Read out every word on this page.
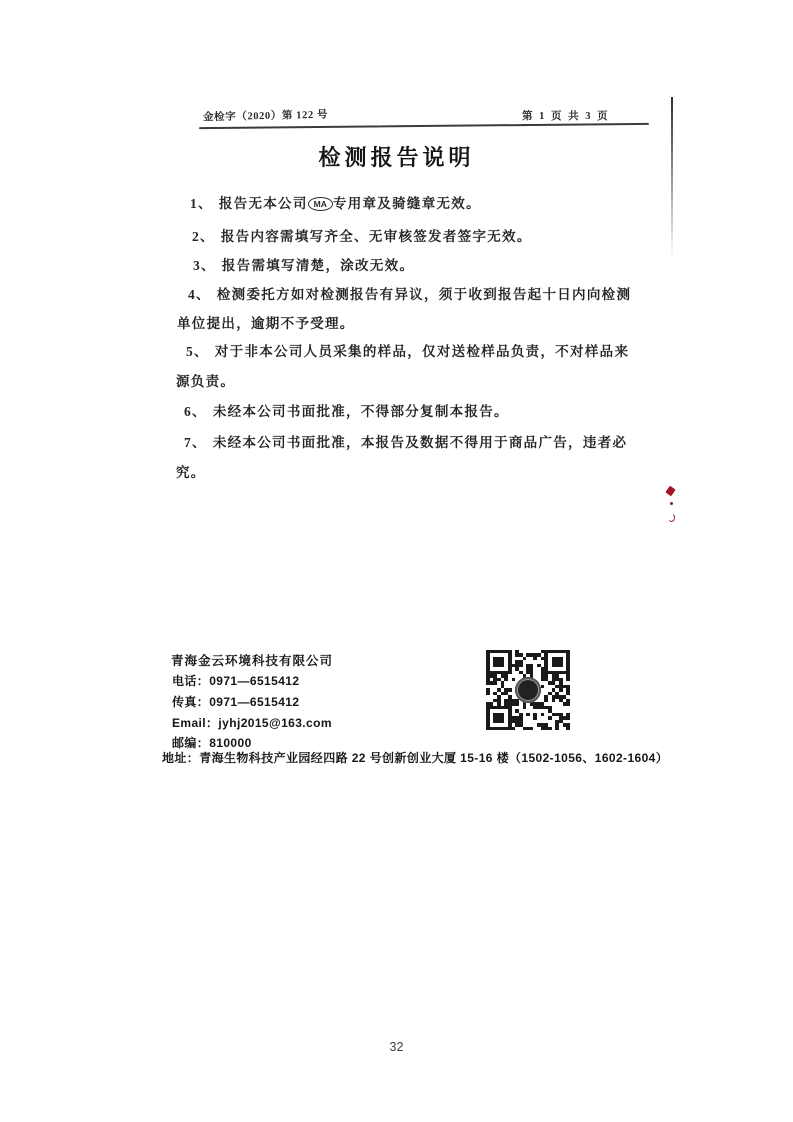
金检字（2020）第 122 号	第 1 页 共 3 页
检测报告说明
1、 报告无本公司 MA 专用章及骑缝章无效。
2、 报告内容需填写齐全、无审核签发者签字无效。
3、 报告需填写清楚，涂改无效。
4、 检测委托方如对检测报告有异议，须于收到报告起十日内向检测
单位提出，逾期不予受理。
5、 对于非本公司人员采集的样品，仅对送检样品负责，不对样品来
源负责。
6、 未经本公司书面批准，不得部分复制本报告。
7、 未经本公司书面批准，本报告及数据不得用于商品广告，违者必
究。
青海金云环境科技有限公司
电话：0971—6515412
传真：0971—6515412
Email：jyhj2015@163.com
邮编：810000
地址：青海生物科技产业园经四路 22 号创新创业大厦 15-16 楼（1502-1056、1602-1604）
32
